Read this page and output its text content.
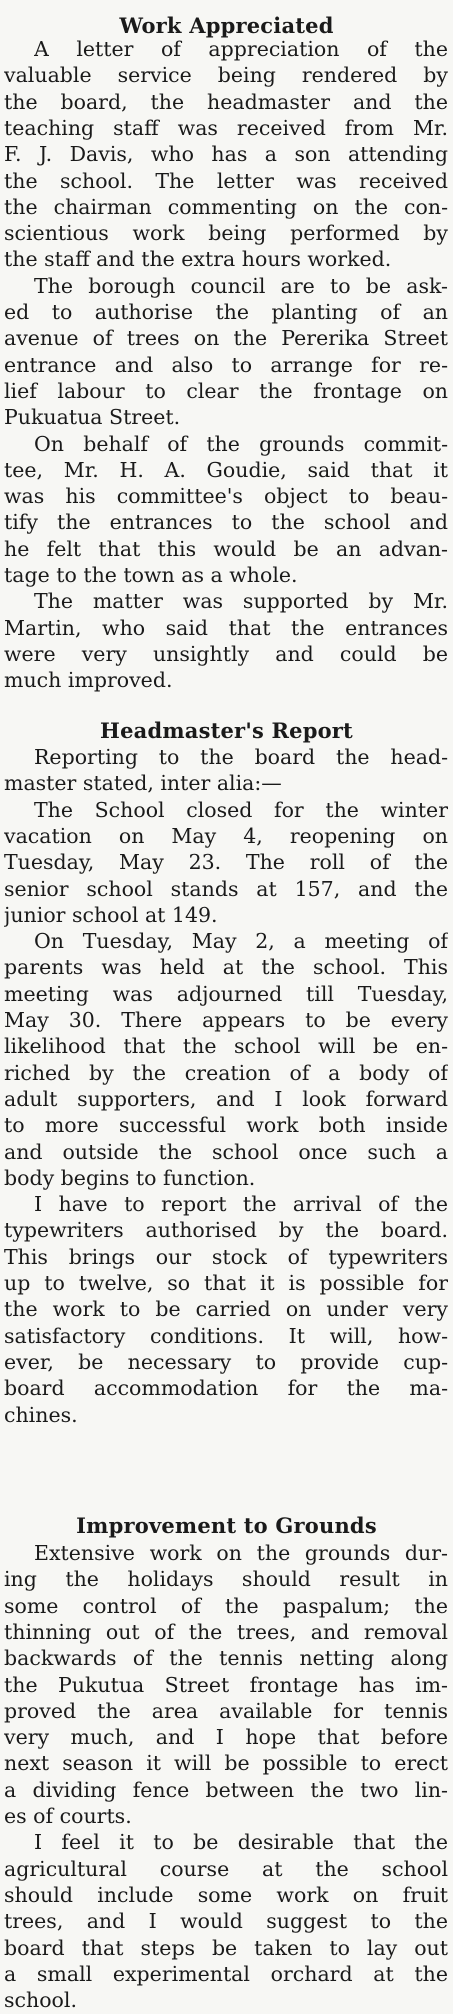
Work Appreciated
A letter of appreciation of the
valuable service being rendered by
the board, the headmaster and the
teaching staff was received from Mr.
F. J. Davis, who has a son attending
the school. The letter was received
the chairman commenting on the con-
scientious work being performed by
the staff and the extra hours worked.
The borough council are to be ask-
ed to authorise the planting of an
avenue of trees on the Pererika Street
entrance and also to arrange for re-
lief labour to clear the frontage on
Pukuatua Street.
On behalf of the grounds commit-
tee, Mr. H. A. Goudie, said that it
was his committee's object to beau-
tify the entrances to the school and
he felt that this would be an advan-
tage to the town as a whole.
The matter was supported by Mr.
Martin, who said that the entrances
were very unsightly and could be
much improved.
Headmaster's Report
Reporting to the board the head-
master stated, inter alia:—
The School closed for the winter
vacation on May 4, reopening on
Tuesday, May 23. The roll of the
senior school stands at 157, and the
junior school at 149.
On Tuesday, May 2, a meeting of
parents was held at the school. This
meeting was adjourned till Tuesday,
May 30. There appears to be every
likelihood that the school will be en-
riched by the creation of a body of
adult supporters, and I look forward
to more successful work both inside
and outside the school once such a
body begins to function.
I have to report the arrival of the
typewriters authorised by the board.
This brings our stock of typewriters
up to twelve, so that it is possible for
the work to be carried on under very
satisfactory conditions. It will, how-
ever, be necessary to provide cup-
board accommodation for the ma-
chines.
Improvement to Grounds
Extensive work on the grounds dur-
ing the holidays should result in
some control of the paspalum; the
thinning out of the trees, and removal
backwards of the tennis netting along
the Pukutua Street frontage has im-
proved the area available for tennis
very much, and I hope that before
next season it will be possible to erect
a dividing fence between the two lin-
es of courts.
I feel it to be desirable that the
agricultural course at the school
should include some work on fruit
trees, and I would suggest to the
board that steps be taken to lay out
a small experimental orchard at the
school.
